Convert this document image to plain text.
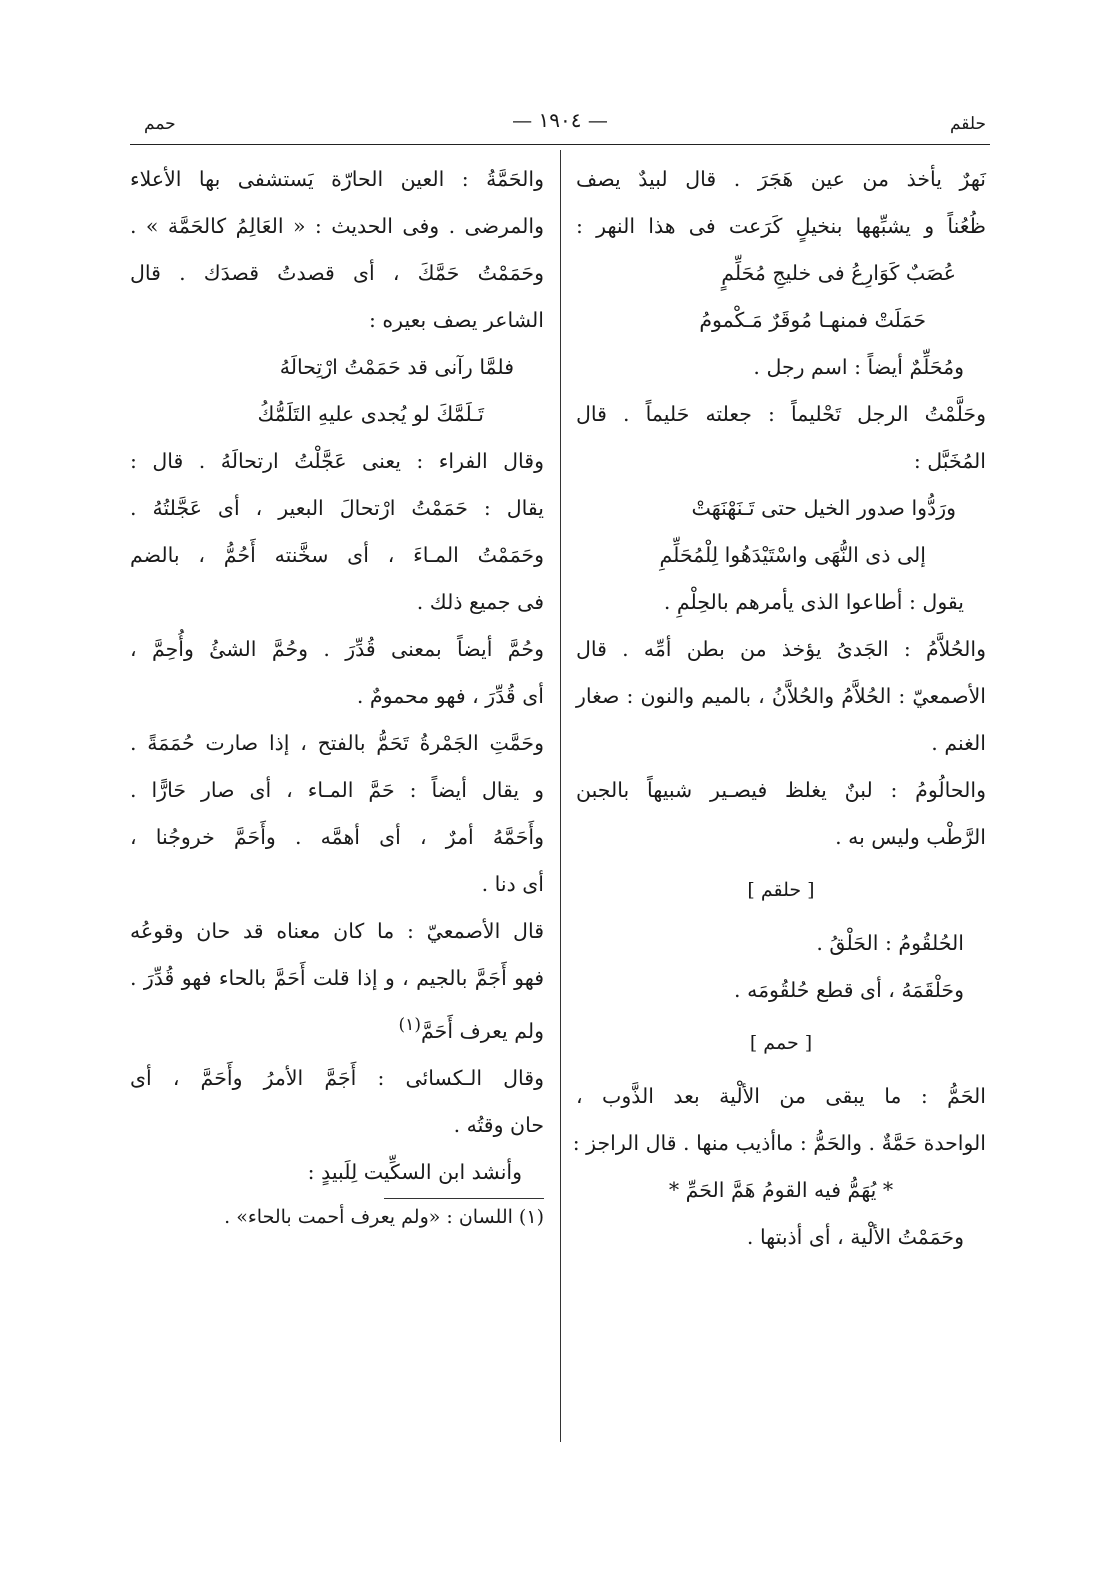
حلقم
— ١٩٠٤ —
حمم
نَهرٌ يأخذ من عين هَجَرَ . قال لبيدٌ يصف
ظُعُناً و يشبِّهها بنخيلٍ كَرَعت فى هذا النهر :
عُصَبٌ كَوَارِعُ فى خليجِ مُحَلِّمٍ
حَمَلَتْ فمنهـا مُوقَرٌ مَـكْمومُ
ومُحَلِّمٌ أيضاً : اسم رجل .
وحَلَّمْتُ الرجل تَحْليماً : جعلته حَليماً . قال
المُخَبَّل :
ورَدُّوا صدور الخيل حتى تَـنَهْنَهَتْ
إلى ذى النُّهَى واسْتَيْدَهُوا لِلْمُحَلِّمِ
يقول : أطاعوا الذى يأمرهم بالحِلْمِ .
والحُلاَّمُ : الجَدىُ يؤخذ من بطن أمِّه . قال
الأصمعيّ : الحُلاَّمُ والحُلاَّنُ ، بالميم والنون : صغار
الغنم .
والحالُومُ : لبنٌ يغلظ فيصـير شبيهاً بالجبن
الرَّطْب وليس به .
[ حلقم ]
الحُلقُومُ : الحَلْقُ .
وحَلْقَمَهُ ، أى قطع حُلقُومَه .
[ حمم ]
الحَمُّ : ما يبقى من الألْية بعد الذَّوب ،
الواحدة حَمَّةٌ . والحَمُّ : ماأذيب منها . قال الراجز :
* يُهَمُّ فيه القومُ هَمَّ الحَمِّ *
وحَمَمْتُ الألْية ، أى أذبتها .
والحَمَّةُ : العين الحارّة يَستشفى بها الأعلاء
والمرضى . وفى الحديث : « العَالِمُ كالحَمَّة » .
وحَمَمْتُ حَمَّكَ ، أى قصدتُ قصدَك . قال
الشاعر يصف بعيره :
فلمَّا رآنى قد حَمَمْتُ ارْتِحالَهُ
تَـلَمَّكَ لو يُجدى عليهِ التَلَمُّكُ
وقال الفراء : يعنى عَجَّلْتُ ارتحالَهُ . قال :
يقال : حَمَمْتُ ارْتحالَ البعير ، أى عَجَّلتُهُ .
وحَمَمْتُ المـاءَ ، أى سخَّنته أَحُمُّ ، بالضم
فى جميع ذلك .
وحُمَّ أيضاً بمعنى قُدِّرَ . وحُمَّ الشئُ وأُحِمَّ ،
أى قُدِّرَ ، فهو محمومٌ .
وحَمَّتِ الجَمْرةُ تَحَمُّ بالفتح ، إذا صارت حُمَمَةً .
و يقال أيضاً : حَمَّ المـاء ، أى صار حَارًّا .
وأَحَمَّهُ أمرٌ ، أى أهمَّه . وأَحَمَّ خروجُنا ،
أى دنا .
قال الأصمعيّ : ما كان معناه قد حان وقوعُه
فهو أَجَمَّ بالجيم ، و إذا قلت أَحَمَّ بالحاء فهو قُدِّرَ .
ولم يعرف أَحَمَّ$^{(١)}$
وقال الـكسائى : أَجَمَّ الأمرُ وأَحَمَّ ، أى
حان وقتُه .
وأنشد ابن السكِّيت لِلَبيدٍ :
(١) اللسان : «ولم يعرف أحمت بالحاء» .
